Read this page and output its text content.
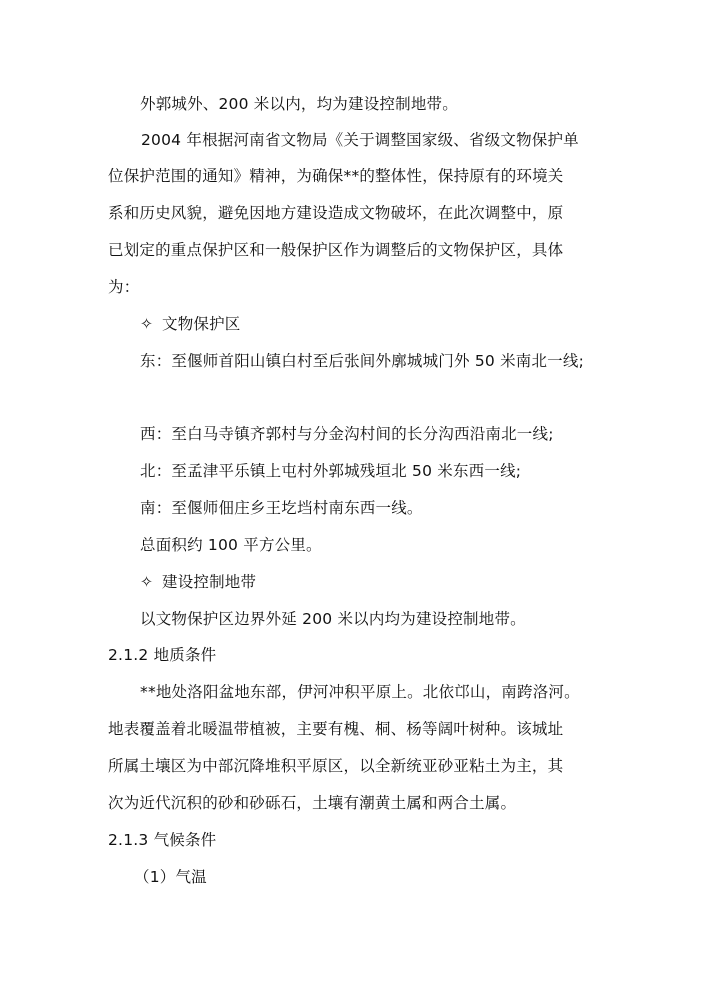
外郭城外、200 米以内，均为建设控制地带。
2004 年根据河南省文物局《关于调整国家级、省级文物保护单
位保护范围的通知》精神，为确保**的整体性，保持原有的环境关
系和历史风貌，避免因地方建设造成文物破坏，在此次调整中，原
已划定的重点保护区和一般保护区作为调整后的文物保护区，具体
为：
✧ 文物保护区
东：至偃师首阳山镇白村至后张间外廓城城门外 50 米南北一线;
西：至白马寺镇齐郭村与分金沟村间的长分沟西沿南北一线;
北：至孟津平乐镇上屯村外郭城残垣北 50 米东西一线;
南：至偃师佃庄乡王圪垱村南东西一线。
总面积约 100 平方公里。
✧ 建设控制地带
以文物保护区边界外延 200 米以内均为建设控制地带。
2.1.2 地质条件
**地处洛阳盆地东部，伊河冲积平原上。北依邙山，南跨洛河。
地表覆盖着北暖温带植被，主要有槐、桐、杨等阔叶树种。该城址
所属土壤区为中部沉降堆积平原区，以全新统亚砂亚粘土为主，其
次为近代沉积的砂和砂砾石，土壤有潮黄土属和两合土属。
2.1.3 气候条件
（1）气温
